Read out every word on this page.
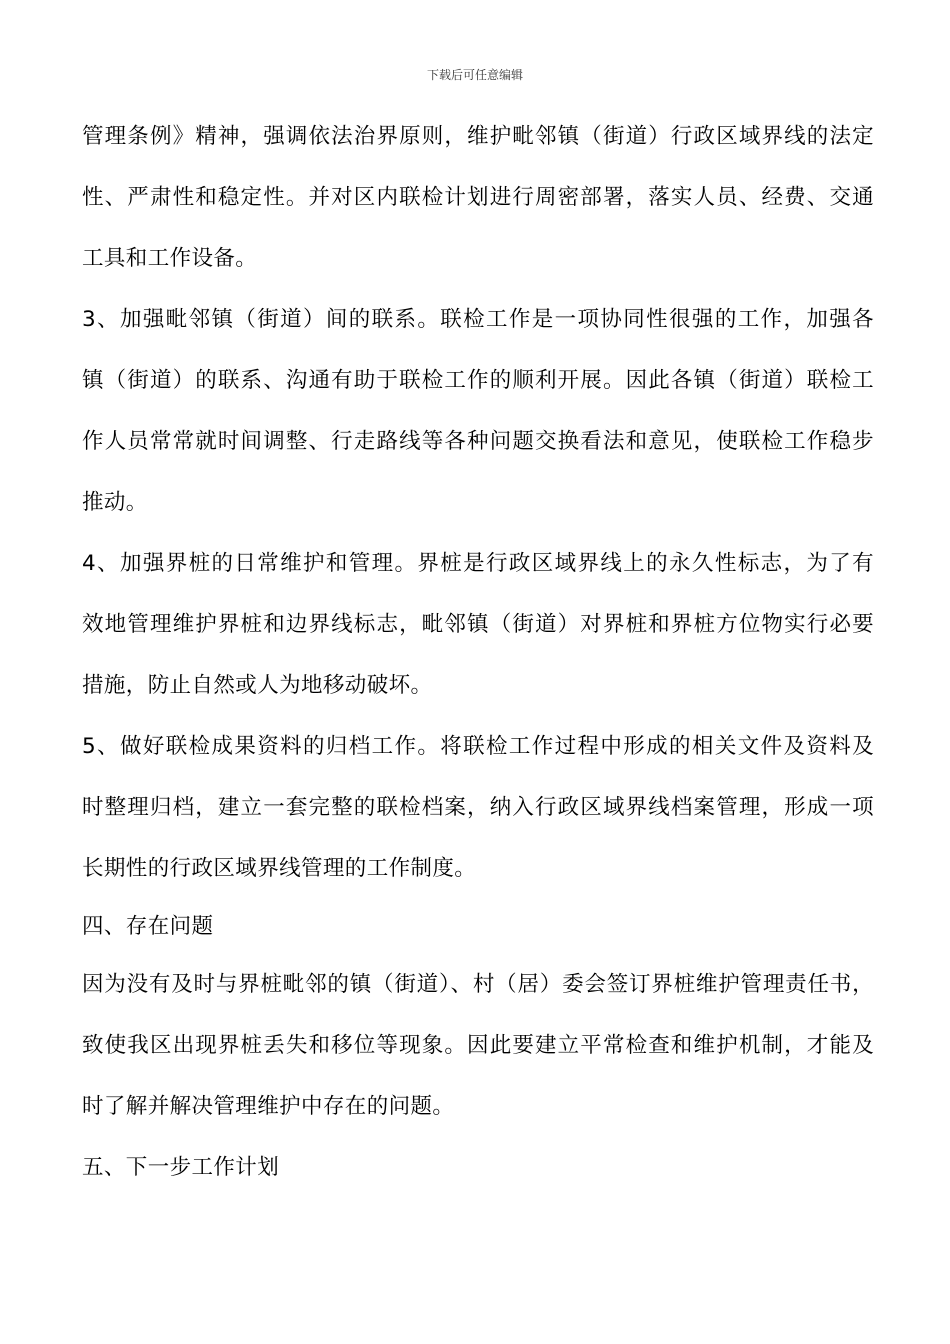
下载后可任意编辑
管理条例》精神，强调依法治界原则，维护毗邻镇（街道）行政区域界线的法定
性、严肃性和稳定性。并对区内联检计划进行周密部署，落实人员、经费、交通
工具和工作设备。
3、加强毗邻镇（街道）间的联系。联检工作是一项协同性很强的工作，加强各
镇（街道）的联系、沟通有助于联检工作的顺利开展。因此各镇（街道）联检工
作人员常常就时间调整、行走路线等各种问题交换看法和意见，使联检工作稳步
推动。
4、加强界桩的日常维护和管理。界桩是行政区域界线上的永久性标志，为了有
效地管理维护界桩和边界线标志，毗邻镇（街道）对界桩和界桩方位物实行必要
措施，防止自然或人为地移动破坏。
5、做好联检成果资料的归档工作。将联检工作过程中形成的相关文件及资料及
时整理归档，建立一套完整的联检档案，纳入行政区域界线档案管理，形成一项
长期性的行政区域界线管理的工作制度。
四、存在问题
因为没有及时与界桩毗邻的镇（街道）、村（居）委会签订界桩维护管理责任书，
致使我区出现界桩丢失和移位等现象。因此要建立平常检查和维护机制，才能及
时了解并解决管理维护中存在的问题。
五、下一步工作计划
